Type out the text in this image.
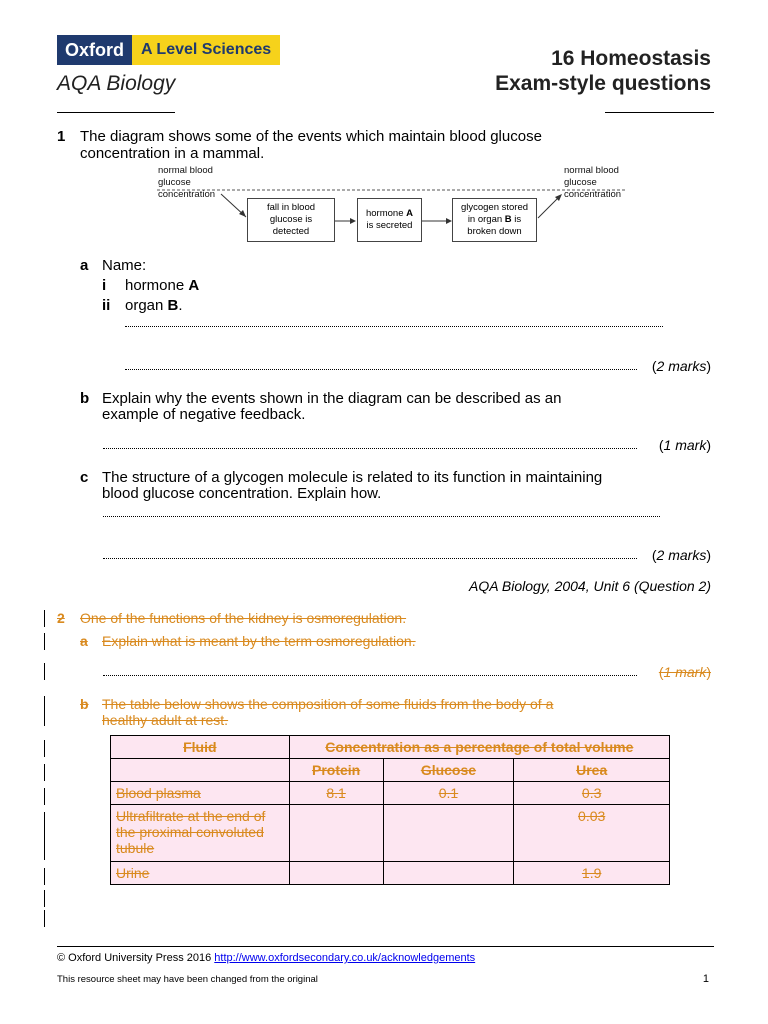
Oxford	A Level Sciences
AQA Biology
16 Homeostasis
Exam-style questions
1 The diagram shows some of the events which maintain blood glucose
concentration in a mammal.
normal blood
glucose
concentration
normal blood
glucose
concentration
fall in blood
glucose is
detected
hormone A
is secreted
glycogen stored
in organ B is
broken down
a Name:
i hormone A
ii organ B.
(2 marks)
b Explain why the events shown in the diagram can be described as an
example of negative feedback.
(1 mark)
c The structure of a glycogen molecule is related to its function in maintaining
blood glucose concentration. Explain how.
(2 marks)
AQA Biology, 2004, Unit 6 (Question 2)
2 One of the functions of the kidney is osmoregulation.
a Explain what is meant by the term osmoregulation.
(1 mark)
b The table below shows the composition of some fluids from the body of a
healthy adult at rest.
Fluid	Concentration as a percentage of total volume		
	Protein	Glucose	Urea
Blood plasma	8.1	0.1	0.3
Ultrafiltrate at the end of the proximal convoluted tubule			0.03
Urine			1.9
© Oxford University Press 2016 http://www.oxfordsecondary.co.uk/acknowledgements
This resource sheet may have been changed from the original	1
